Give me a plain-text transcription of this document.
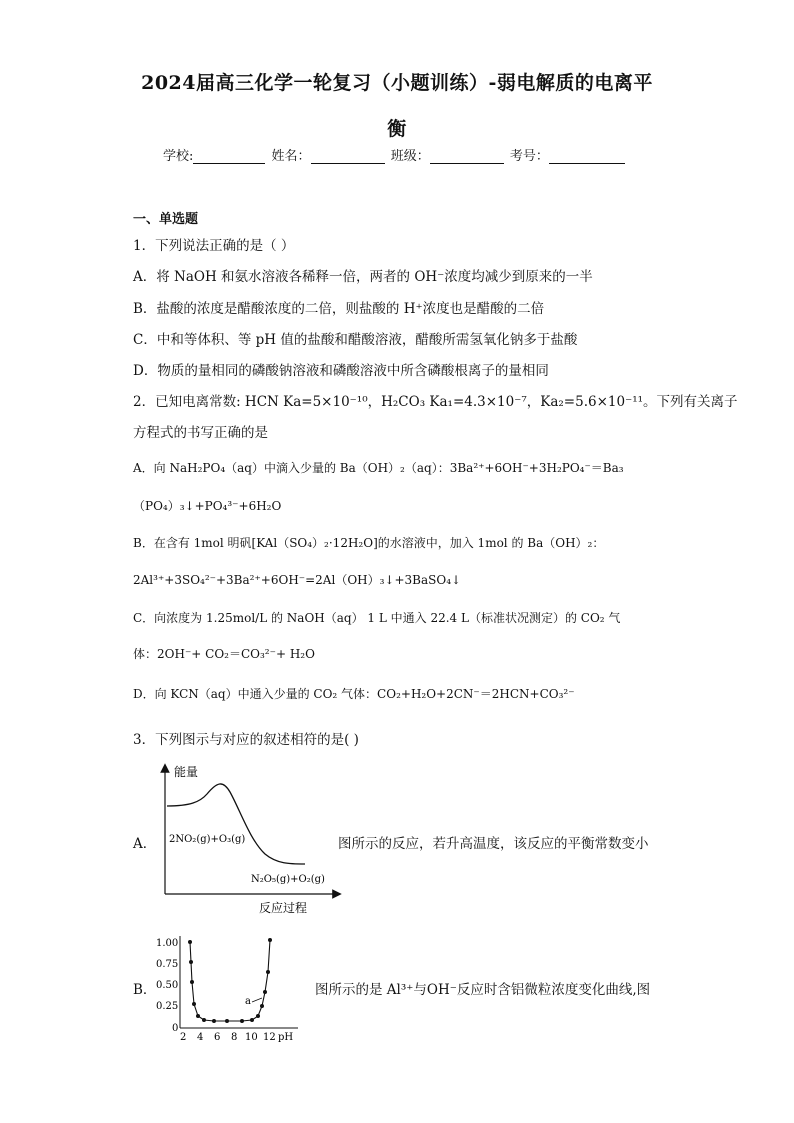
2024届高三化学一轮复习（小题训练）-弱电解质的电离平
衡
学校:	姓名：	班级：	考号：
一、单选题
1．下列说法正确的是（ ）
A．将 NaOH 和氨水溶液各稀释一倍，两者的 OH⁻浓度均减少到原来的一半
B．盐酸的浓度是醋酸浓度的二倍，则盐酸的 H⁺浓度也是醋酸的二倍
C．中和等体积、等 pH 值的盐酸和醋酸溶液，醋酸所需氢氧化钠多于盐酸
D．物质的量相同的磷酸钠溶液和磷酸溶液中所含磷酸根离子的量相同
2．已知电离常数: HCN Ka=5×10⁻¹⁰，H₂CO₃ Ka₁=4.3×10⁻⁷，Ka₂=5.6×10⁻¹¹。下列有关离子
方程式的书写正确的是
A．向 NaH₂PO₄（aq）中滴入少量的 Ba（OH）₂（aq）：3Ba²⁺+6OH⁻+3H₂PO₄⁻＝Ba₃
（PO₄）₃↓+PO₄³⁻+6H₂O
B．在含有 1mol 明矾[KAl（SO₄）₂·12H₂O]的水溶液中，加入 1mol 的 Ba（OH）₂：
2Al³⁺+3SO₄²⁻+3Ba²⁺+6OH⁻=2Al（OH）₃↓+3BaSO₄↓
C．向浓度为 1.25mol/L 的 NaOH（aq） 1 L 中通入 22.4 L（标准状况测定）的 CO₂ 气
体：2OH⁻+ CO₂＝CO₃²⁻+ H₂O
D．向 KCN（aq）中通入少量的 CO₂ 气体：CO₂+H₂O+2CN⁻＝2HCN+CO₃²⁻
3．下列图示与对应的叙述相符的是( )
A．
能量
反应过程
2NO₂(g)+O₃(g)
N₂O₅(g)+O₂(g)
图所示的反应，若升高温度，该反应的平衡常数变小
B．
1.00
0.75
0.50
0.25
0
2 4 6 8 10 12 pH
a
图所示的是 Al³⁺与OH⁻反应时含铝微粒浓度变化曲线,图
